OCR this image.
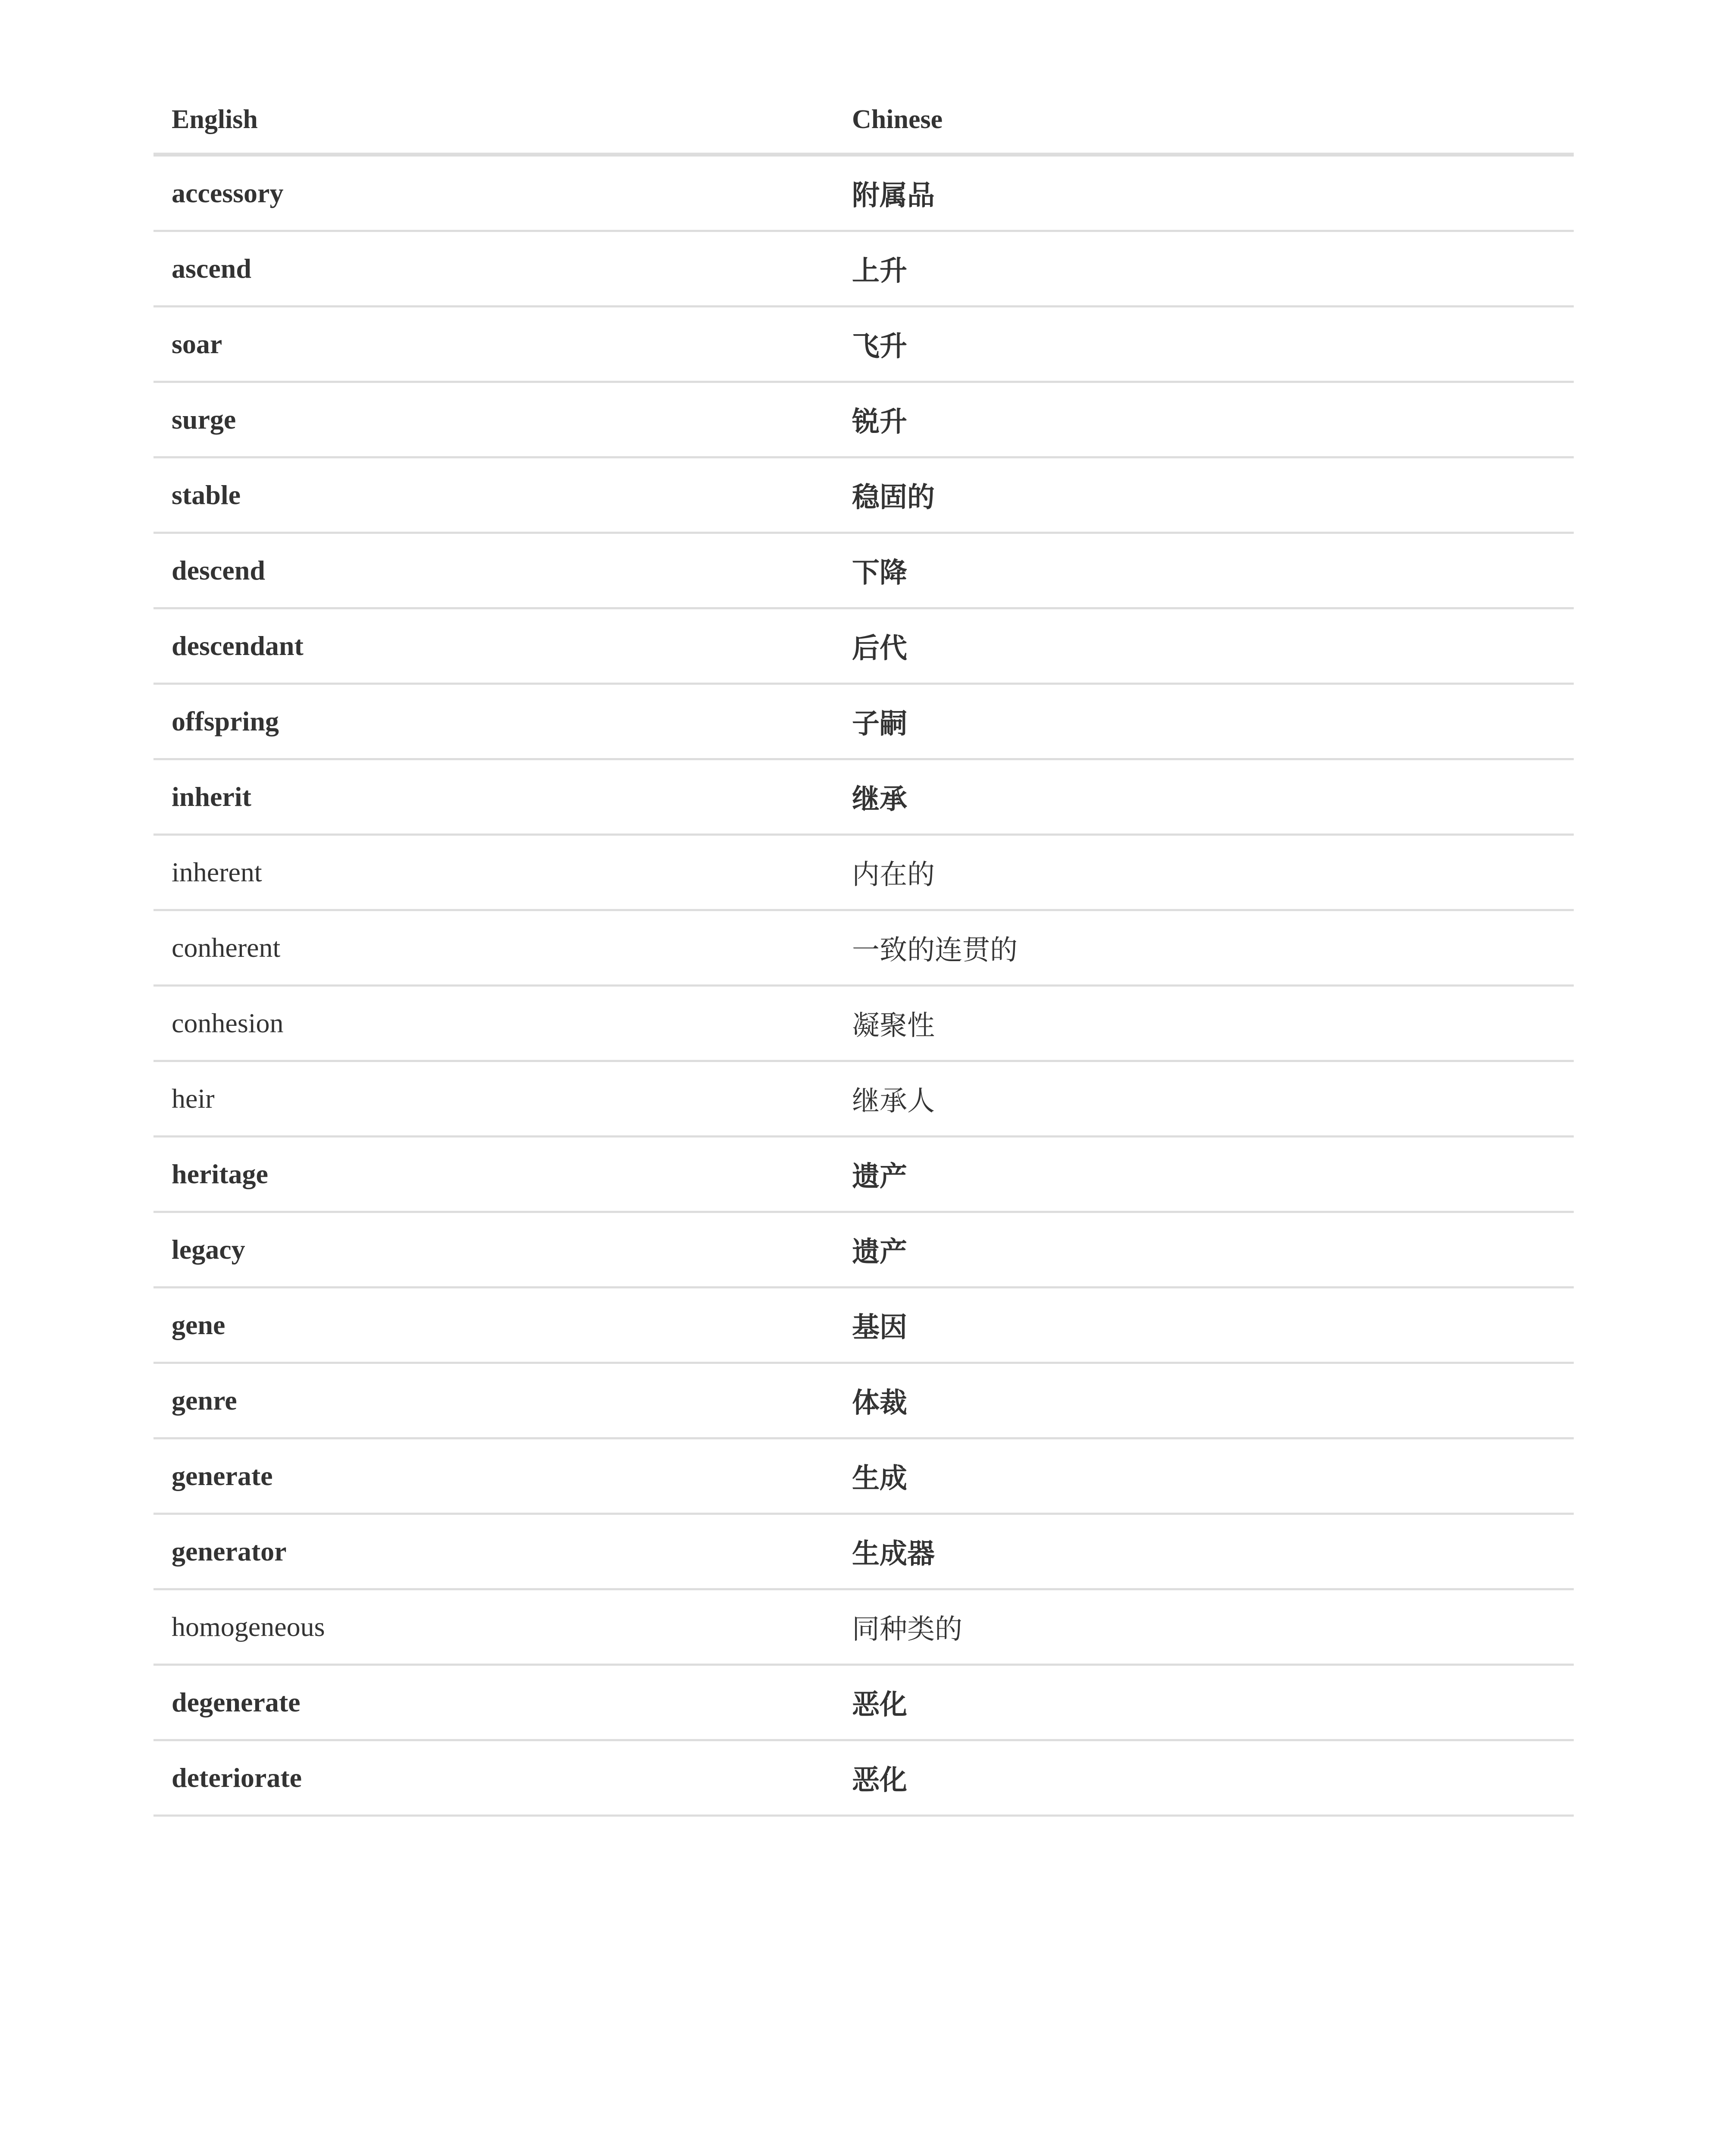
English	Chinese
accessory	附属品
ascend	上升
soar	飞升
surge	锐升
stable	稳固的
descend	下降
descendant	后代
offspring	子嗣
inherit	继承
inherent	内在的
conherent	一致的连贯的
conhesion	凝聚性
heir	继承人
heritage	遗产
legacy	遗产
gene	基因
genre	体裁
generate	生成
generator	生成器
homogeneous	同种类的
degenerate	恶化
deteriorate	恶化
